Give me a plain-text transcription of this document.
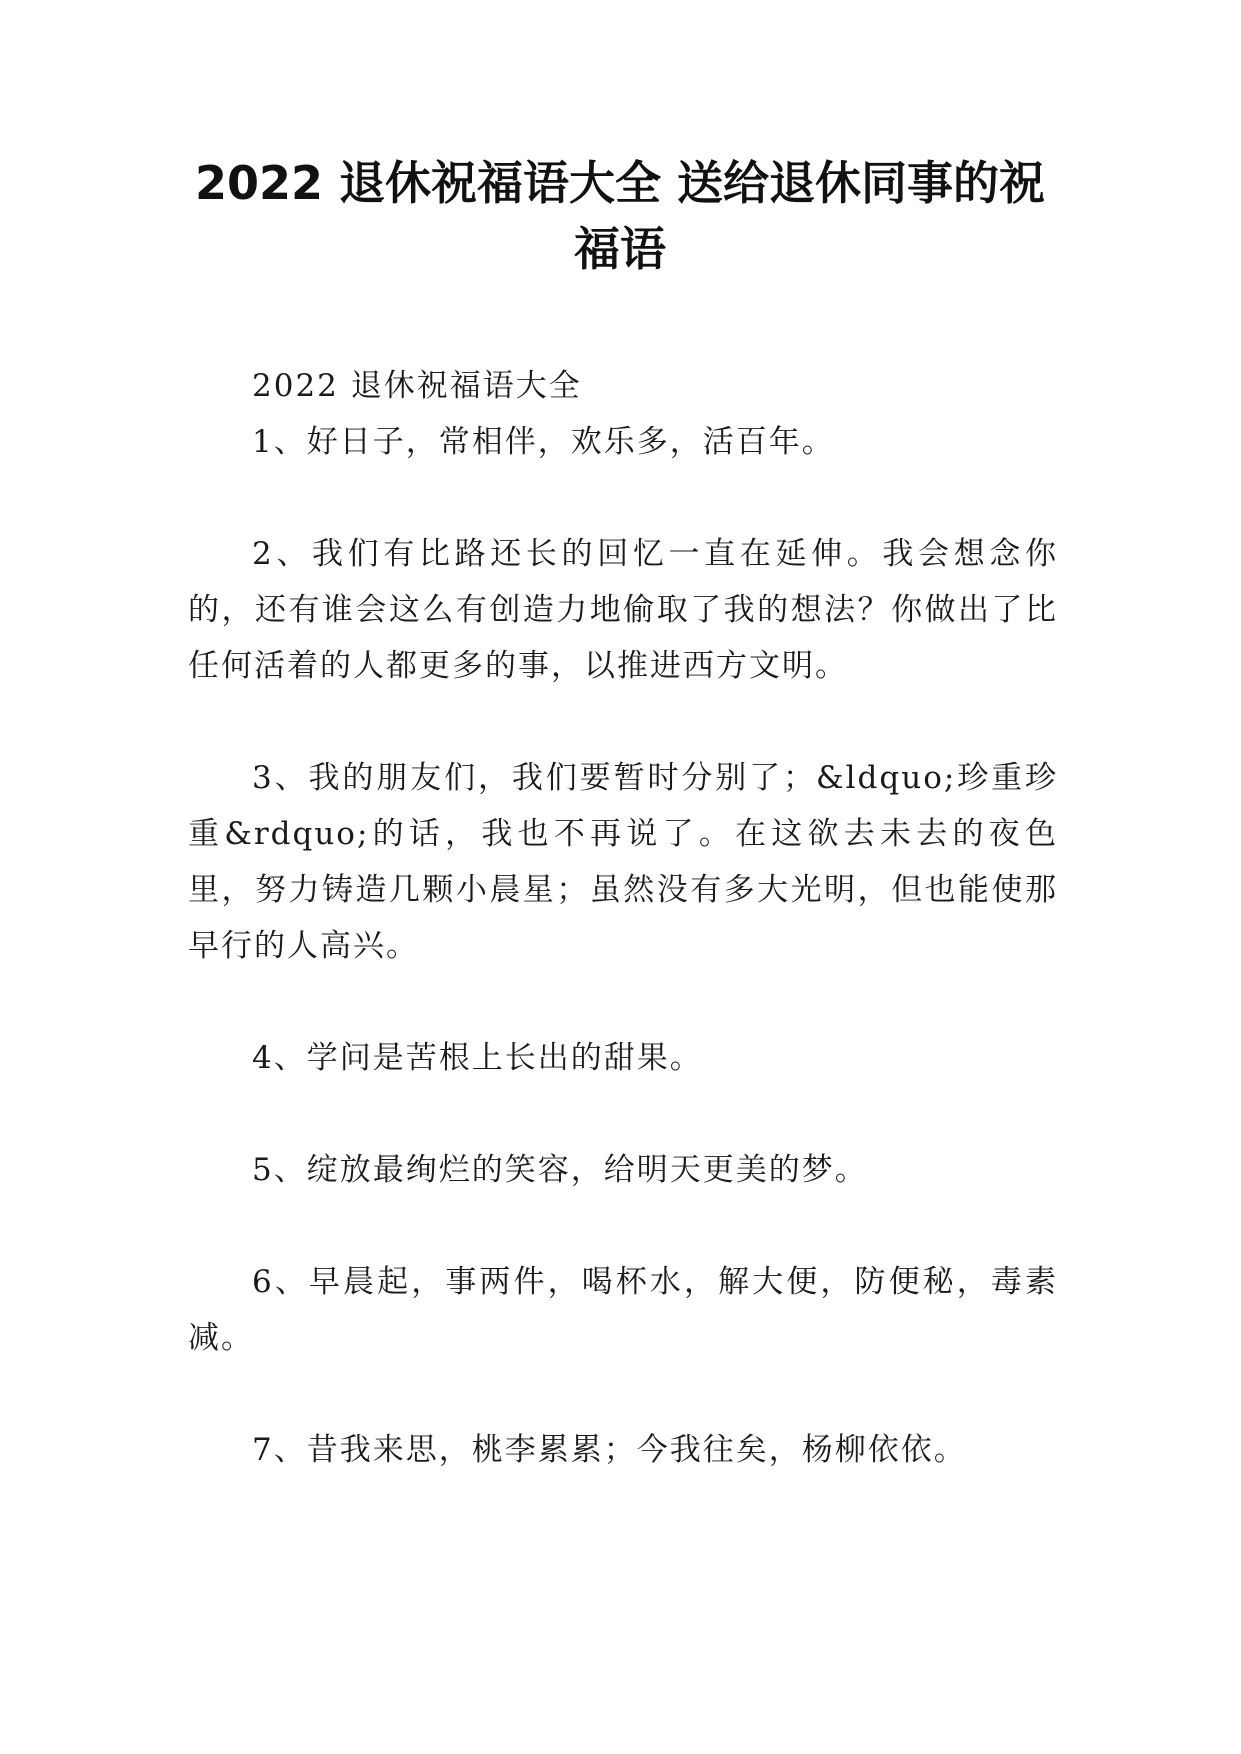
2022 退休祝福语大全 送给退休同事的祝福语

2022 退休祝福语大全

1、好日子，常相伴，欢乐多，活百年。

2、我们有比路还长的回忆一直在延伸。我会想念你的，还有谁会这么有创造力地偷取了我的想法？你做出了比任何活着的人都更多的事，以推进西方文明。

3、我的朋友们，我们要暂时分别了；&ldquo;珍重珍重&rdquo;的话，我也不再说了。在这欲去未去的夜色里，努力铸造几颗小晨星；虽然没有多大光明，但也能使那早行的人高兴。

4、学问是苦根上长出的甜果。

5、绽放最绚烂的笑容，给明天更美的梦。

6、早晨起，事两件，喝杯水，解大便，防便秘，毒素减。

7、昔我来思，桃李累累；今我往矣，杨柳依依。
